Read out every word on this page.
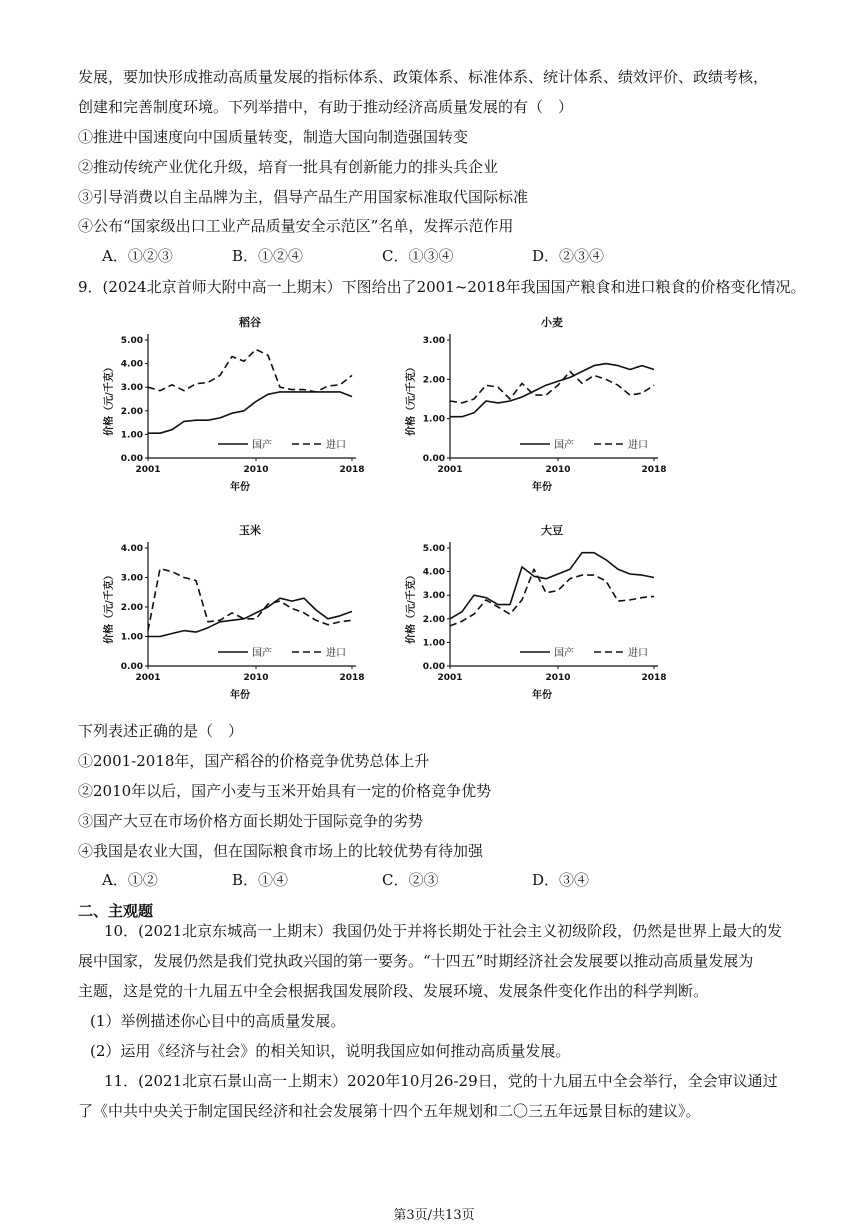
发展，要加快形成推动高质量发展的指标体系、政策体系、标准体系、统计体系、绩效评价、政绩考核，
创建和完善制度环境。下列举措中，有助于推动经济高质量发展的有（　）
①推进中国速度向中国质量转变，制造大国向制造强国转变
②推动传统产业优化升级，培育一批具有创新能力的排头兵企业
③引导消费以自主品牌为主，倡导产品生产用国家标准取代国际标准
④公布“国家级出口工业产品质量安全示范区”名单，发挥示范作用
A．①②③	B．①②④	C．①③④	D．②③④
9．(2024北京首师大附中高一上期末）下图给出了2001~2018年我国国产粮食和进口粮食的价格变化情况。
稻谷
0.00
1.00
2.00
3.00
4.00
5.00
2001	2010	2018
年份
价格（元/千克）
国产	进口
小麦
0.00
1.00
2.00
3.00
2001	2010	2018
年份
价格（元/千克）
国产	进口
玉米
0.00
1.00
2.00
3.00
4.00
2001	2010	2018
年份
价格（元/千克）
国产	进口
大豆
0.00
1.00
2.00
3.00
4.00
5.00
2001	2010	2018
年份
价格（元/千克）
国产	进口
下列表述正确的是（　）
①2001-2018年，国产稻谷的价格竞争优势总体上升
②2010年以后，国产小麦与玉米开始具有一定的价格竞争优势
③国产大豆在市场价格方面长期处于国际竞争的劣势
④我国是农业大国，但在国际粮食市场上的比较优势有待加强
A．①②	B．①④	C．②③	D．③④
二、主观题
10．(2021北京东城高一上期末）我国仍处于并将长期处于社会主义初级阶段，仍然是世界上最大的发
展中国家，发展仍然是我们党执政兴国的第一要务。“十四五”时期经济社会发展要以推动高质量发展为
主题，这是党的十九届五中全会根据我国发展阶段、发展环境、发展条件变化作出的科学判断。
(1）举例描述你心目中的高质量发展。
(2）运用《经济与社会》的相关知识，说明我国应如何推动高质量发展。
11．(2021北京石景山高一上期末）2020年10月26-29日，党的十九届五中全会举行，全会审议通过
了《中共中央关于制定国民经济和社会发展第十四个五年规划和二〇三五年远景目标的建议》。
第3页/共13页
